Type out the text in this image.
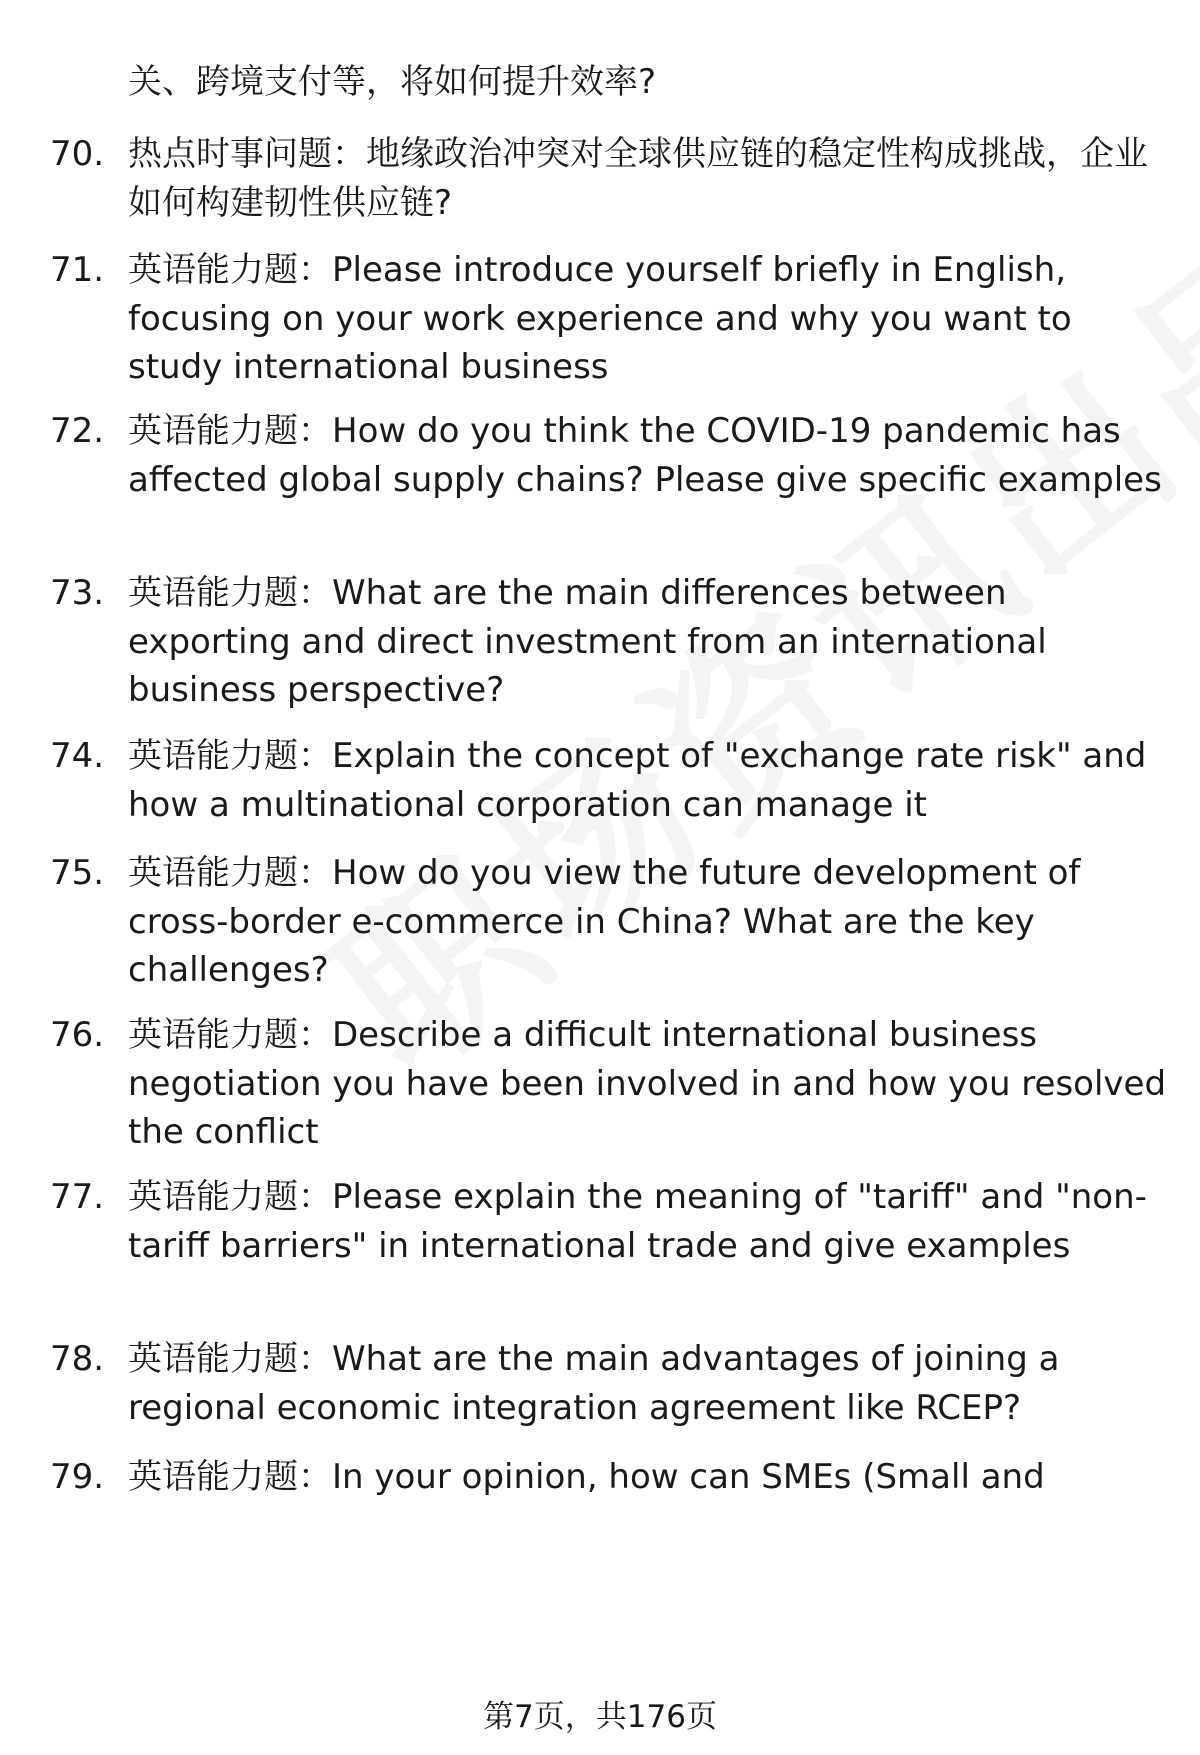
关、跨境支付等，将如何提升效率?
70. 热点时事问题：地缘政治冲突对全球供应链的稳定性构成挑战，企业如何构建韧性供应链?
71. 英语能力题：Please introduce yourself briefly in English, focusing on your work experience and why you want to study international business
72. 英语能力题：How do you think the COVID-19 pandemic has affected global supply chains? Please give specific examples
73. 英语能力题：What are the main differences between exporting and direct investment from an international business perspective?
74. 英语能力题：Explain the concept of "exchange rate risk" and how a multinational corporation can manage it
75. 英语能力题：How do you view the future development of cross-border e-commerce in China? What are the key challenges?
76. 英语能力题：Describe a difficult international business negotiation you have been involved in and how you resolved the conflict
77. 英语能力题：Please explain the meaning of "tariff" and "non-tariff barriers" in international trade and give examples
78. 英语能力题：What are the main advantages of joining a regional economic integration agreement like RCEP?
79. 英语能力题：In your opinion, how can SMEs (Small and
第7页，共176页
